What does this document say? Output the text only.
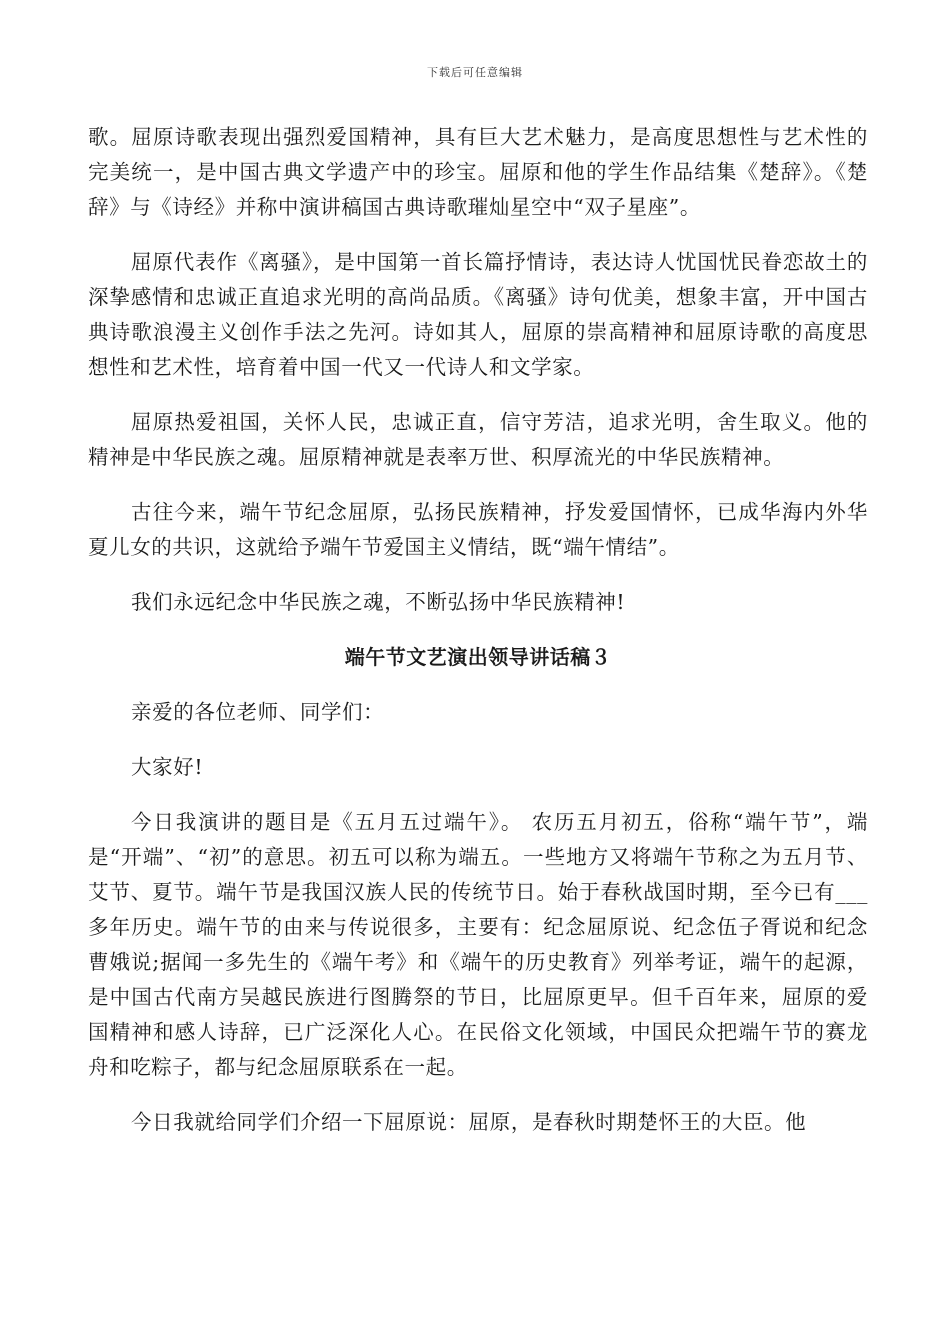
下载后可任意编辑

歌。屈原诗歌表现出强烈爱国精神，具有巨大艺术魅力，是高度思想性与艺术性的完美统一，是中国古典文学遗产中的珍宝。屈原和他的学生作品结集《楚辞》。《楚辞》与《诗经》并称中演讲稿国古典诗歌璀灿星空中“双子星座”。

屈原代表作《离骚》，是中国第一首长篇抒情诗，表达诗人忧国忧民眷恋故土的深挚感情和忠诚正直追求光明的高尚品质。《离骚》诗句优美，想象丰富，开中国古典诗歌浪漫主义创作手法之先河。诗如其人，屈原的崇高精神和屈原诗歌的高度思想性和艺术性，培育着中国一代又一代诗人和文学家。

屈原热爱祖国，关怀人民，忠诚正直，信守芳洁，追求光明，舍生取义。他的精神是中华民族之魂。屈原精神就是表率万世、积厚流光的中华民族精神。

古往今来，端午节纪念屈原，弘扬民族精神，抒发爱国情怀，已成华海内外华夏儿女的共识，这就给予端午节爱国主义情结，既“端午情结”。

我们永远纪念中华民族之魂，不断弘扬中华民族精神!

端午节文艺演出领导讲话稿３

亲爱的各位老师、同学们：

大家好!

今日我演讲的题目是《五月五过端午》。 农历五月初五，俗称“端午节”，端是“开端”、“初”的意思。初五可以称为端五。一些地方又将端午节称之为五月节、艾节、夏节。端午节是我国汉族人民的传统节日。始于春秋战国时期，至今已有___多年历史。端午节的由来与传说很多，主要有：纪念屈原说、纪念伍子胥说和纪念曹娥说;据闻一多先生的《端午考》和《端午的历史教育》列举考证，端午的起源，是中国古代南方吴越民族进行图腾祭的节日，比屈原更早。但千百年来，屈原的爱国精神和感人诗辞，已广泛深化人心。在民俗文化领域，中国民众把端午节的赛龙舟和吃粽子，都与纪念屈原联系在一起。

今日我就给同学们介绍一下屈原说：屈原，是春秋时期楚怀王的大臣。他
